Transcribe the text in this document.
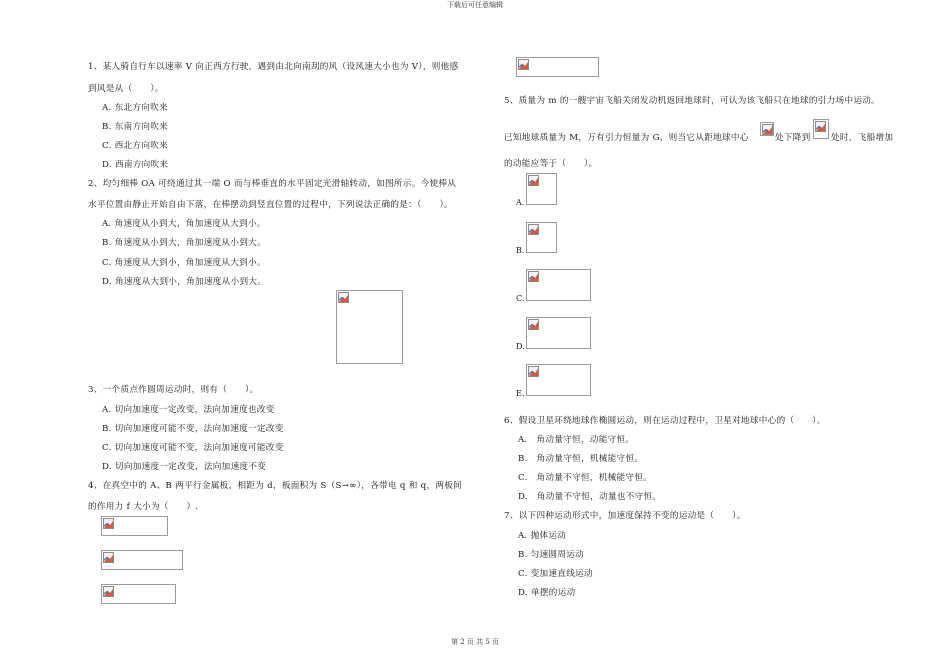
下载后可任意编辑
1、某人骑自行车以速率 V 向正西方行驶，遇到由北向南刮的风（设风速大小也为 V），则他感
到风是从（　　）。
A. 东北方向吹来
B. 东南方向吹来
C. 西北方向吹来
D. 西南方向吹来
2、均匀细棒 OA 可绕通过其一端 O 而与棒垂直的水平固定光滑轴转动，如图所示。今使棒从
水平位置由静止开始自由下落，在棒摆动到竖直位置的过程中，下列说法正确的是：（　　）。
A. 角速度从小到大，角加速度从大到小。
B. 角速度从小到大，角加速度从小到大。
C. 角速度从大到小，角加速度从大到小。
D. 角速度从大到小，角加速度从小到大。
3、一个质点作圆周运动时，则有（　　）。
A. 切向加速度一定改变，法向加速度也改变
B. 切向加速度可能不变，法向加速度一定改变
C. 切向加速度可能不变，法向加速度可能改变
D. 切向加速度一定改变，法向加速度不变
4、在真空中的 A、B 两平行金属板，相距为 d，板面积为 S（S→∞），各带电 q 和 q，两板间
的作用力 f 大小为（　　）.
5、质量为 m 的一艘宇宙飞船关闭发动机返回地球时，可认为该飞船只在地球的引力场中运动。
已知地球质量为 M，万有引力恒量为 G，则当它从距地球中心	处下降到 处时，飞船增加
的动能应等于（　　）。
A.
B.
C.
D.
E.
6、假设卫星环绕地球作椭圆运动，则在运动过程中，卫星对地球中心的（　　）。
A.　角动量守恒，动能守恒。
B.　角动量守恒，机械能守恒。
C.　角动量不守恒，机械能守恒。
D.　角动量不守恒，动量也不守恒。
7、以下四种运动形式中，加速度保持不变的运动是（　　）。
A. 抛体运动
B. 匀速圆周运动
C. 变加速直线运动
D. 单摆的运动
第 2 页 共 5 页
